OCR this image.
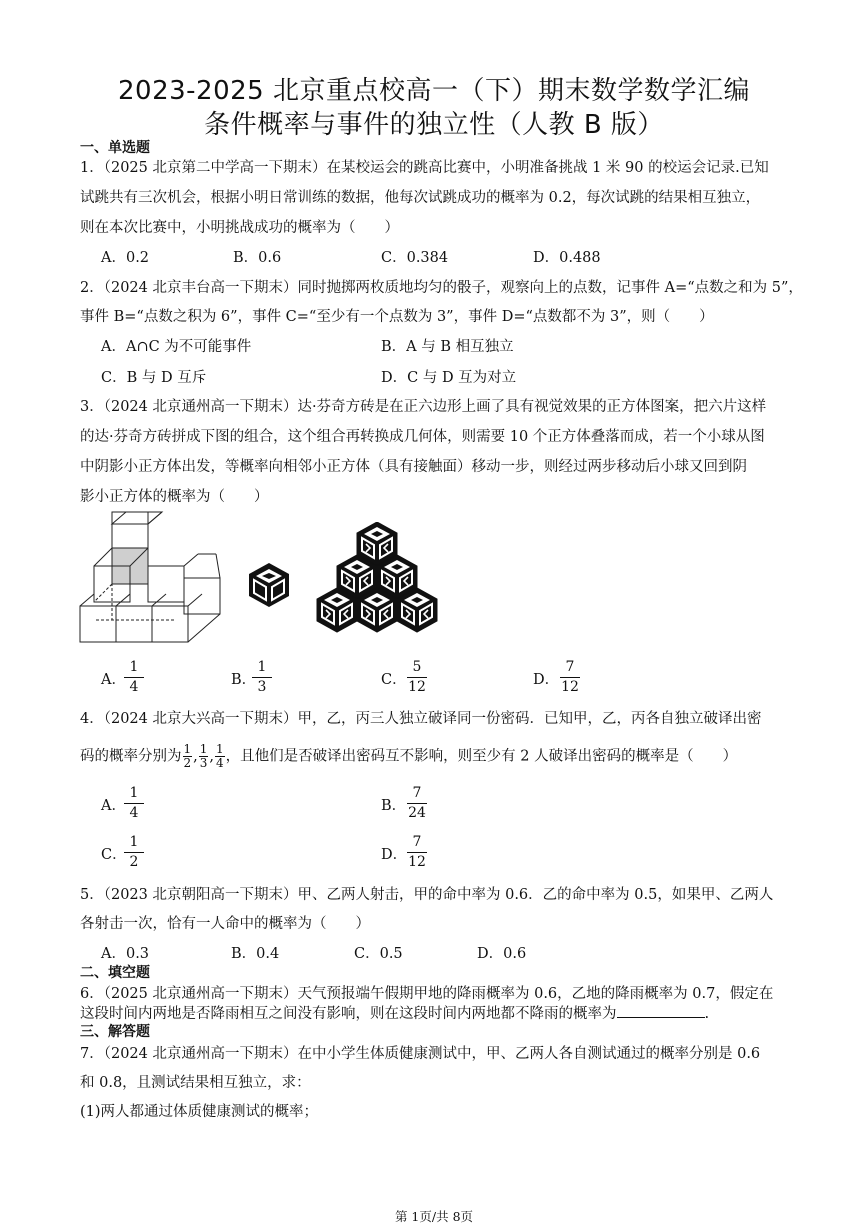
2023-2025 北京重点校高一（下）期末数学数学汇编
条件概率与事件的独立性（人教 B 版）
一、单选题
1．（2025 北京第二中学高一下期末）在某校运会的跳高比赛中，小明准备挑战 1 米 90 的校运会记录.已知
试跳共有三次机会，根据小明日常训练的数据，他每次试跳成功的概率为 0.2，每次试跳的结果相互独立，
则在本次比赛中，小明挑战成功的概率为（　　）
A．0.2	B．0.6	C．0.384	D．0.488
2．（2024 北京丰台高一下期末）同时抛掷两枚质地均匀的骰子，观察向上的点数，记事件 A=“点数之和为 5”，
事件 B=“点数之积为 6”，事件 C=“至少有一个点数为 3”，事件 D=“点数都不为 3”，则（　　）
A．A∩C 为不可能事件	B．A 与 B 相互独立
C．B 与 D 互斥	D．C 与 D 互为对立
3．（2024 北京通州高一下期末）达·芬奇方砖是在正六边形上画了具有视觉效果的正方体图案，把六片这样
的达·芬奇方砖拼成下图的组合，这个组合再转换成几何体，则需要 10 个正方体叠落而成，若一个小球从图
中阴影小正方体出发，等概率向相邻小正方体（具有接触面）移动一步，则经过两步移动后小球又回到阴
影小正方体的概率为（　　）
A．
1
4	B．
1
3	C．
5
12	D．
7
12
4．（2024 北京大兴高一下期末）甲，乙，丙三人独立破译同一份密码．已知甲，乙，丙各自独立破译出密
码的概率分别为 $\frac{1}{2}$ , $\frac{1}{3}$ , $\frac{1}{4}$ ，且他们是否破译出密码互不影响，则至少有 2 人破译出密码的概率是（　　）
A．
1
4	B．
7
24
C．
1
2	D．
7
12
5．（2023 北京朝阳高一下期末）甲、乙两人射击，甲的命中率为 0.6．乙的命中率为 0.5，如果甲、乙两人
各射击一次，恰有一人命中的概率为（　　）
A．0.3	B．0.4	C．0.5	D．0.6
二、填空题
6．（2025 北京通州高一下期末）天气预报端午假期甲地的降雨概率为 0.6，乙地的降雨概率为 0.7，假定在
这段时间内两地是否降雨相互之间没有影响，则在这段时间内两地都不降雨的概率为	.
三、解答题
7．（2024 北京通州高一下期末）在中小学生体质健康测试中，甲、乙两人各自测试通过的概率分别是 0.6
和 0.8，且测试结果相互独立，求：
(1)两人都通过体质健康测试的概率；
第 1页/共 8页
